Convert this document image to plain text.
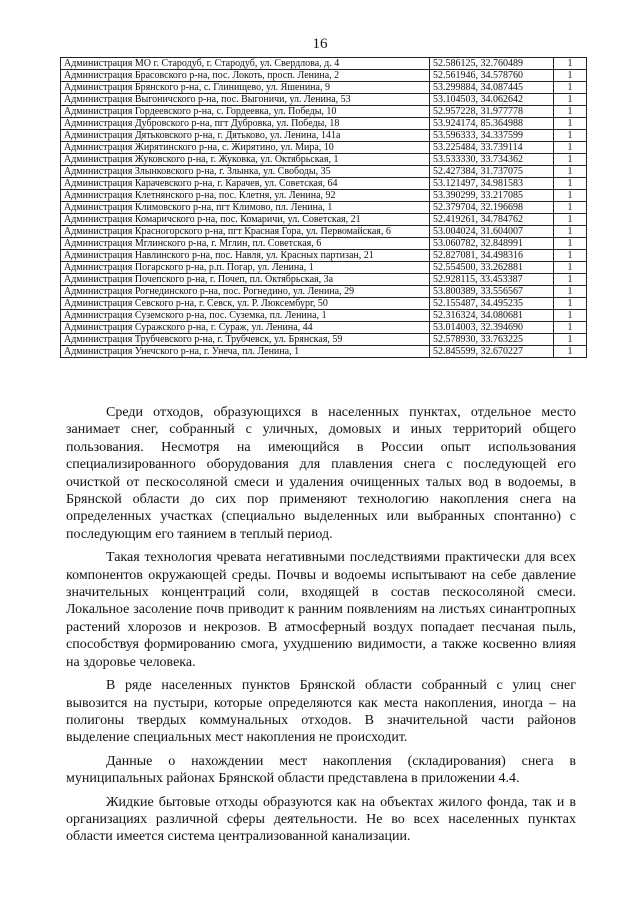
16
Администрация МО г. Стародуб, г. Стародуб, ул. Свердлова, д. 4	52.586125, 32.760489	1
Администрация Брасовского р-на, пос. Локоть, просп. Ленина, 2	52.561946, 34.578760	1
Администрация Брянского р-на, с. Глинищево, ул. Яшенина, 9	53.299884, 34.087445	1
Администрация Выгоничского р-на, пос. Выгоничи, ул. Ленина, 53	53.104503, 34.062642	1
Администрация Гордеевского р-на, с. Гордеевка, ул. Победы, 10	52.957228, 31.977778	1
Администрация Дубровского р-на, пгт Дубровка, ул. Победы, 18	53.924174, 85.364988	1
Администрация Дятьковского р-на, г. Дятьково, ул. Ленина, 141а	53.596333, 34.337599	1
Администрация Жирятинского р-на, с. Жирятино, ул. Мира, 10	53.225484, 33.739114	1
Администрация Жуковского р-на, г. Жуковка, ул. Октябрьская, 1	53.533330, 33.734362	1
Администрация Злынковского р-на, г. Злынка, ул. Свободы, 35	52.427384, 31.737075	1
Администрация Карачевского р-на, г. Карачев, ул. Советская, 64	53.121497, 34.981583	1
Администрация Клетнянского р-на, пос. Клетня, ул. Ленина, 92	53.390299, 33.217085	1
Администрация Климовского р-на, пгт Климово, пл. Ленина, 1	52.379704, 32.196698	1
Администрация Комаричского р-на, пос. Комаричи, ул. Советская, 21	52.419261, 34.784762	1
Администрация Красногорского р-на, пгт Красная Гора, ул. Первомайская, 6	53.004024, 31.604007	1
Администрация Мглинского р-на, г. Мглин, пл. Советская, 6	53.060782, 32.848991	1
Администрация Навлинского р-на, пос. Навля, ул. Красных партизан, 21	52.827081, 34.498316	1
Администрация Погарского р-на, р.п. Погар, ул. Ленина, 1	52.554500, 33.262881	1
Администрация Почепского р-на, г. Почеп, пл. Октябрьская, 3а	52.928115, 33.453387	1
Администрация Рогнединского р-на, пос. Рогнедино, ул. Ленина, 29	53.800389, 33.556567	1
Администрация Севского р-на, г. Севск, ул. Р. Люксембург, 50	52.155487, 34.495235	1
Администрация Суземского р-на, пос. Суземка, пл. Ленина, 1	52.316324, 34.080681	1
Администрация Суражского р-на, г. Сураж, ул. Ленина, 44	53.014003, 32.394690	1
Администрация Трубчевского р-на, г. Трубчевск, ул. Брянская, 59	52.578930, 33.763225	1
Администрация Унечского р-на, г. Унеча, пл. Ленина, 1	52.845599, 32.670227	1

Среди отходов, образующихся в населенных пунктах, отдельное место занимает снег, собранный с уличных, домовых и иных территорий общего пользования. Несмотря на имеющийся в России опыт использования специализированного оборудования для плавления снега с последующей его очисткой от пескосоляной смеси и удаления очищенных талых вод в водоемы, в Брянской области до сих пор применяют технологию накопления снега на определенных участках (специально выделенных или выбранных спонтанно) с последующим его таянием в теплый период.

Такая технология чревата негативными последствиями практически для всех компонентов окружающей среды. Почвы и водоемы испытывают на себе давление значительных концентраций соли, входящей в состав пескосоляной смеси. Локальное засоление почв приводит к ранним появлениям на листьях синантропных растений хлорозов и некрозов. В атмосферный воздух попадает песчаная пыль, способствуя формированию смога, ухудшению видимости, а также косвенно влияя на здоровье человека.

В ряде населенных пунктов Брянской области собранный с улиц снег вывозится на пустыри, которые определяются как места накопления, иногда – на полигоны твердых коммунальных отходов. В значительной части районов выделение специальных мест накопления не происходит.

Данные о нахождении мест накопления (складирования) снега в муниципальных районах Брянской области представлена в приложении 4.4.

Жидкие бытовые отходы образуются как на объектах жилого фонда, так и в организациях различной сферы деятельности. Не во всех населенных пунктах области имеется система централизованной канализации.
